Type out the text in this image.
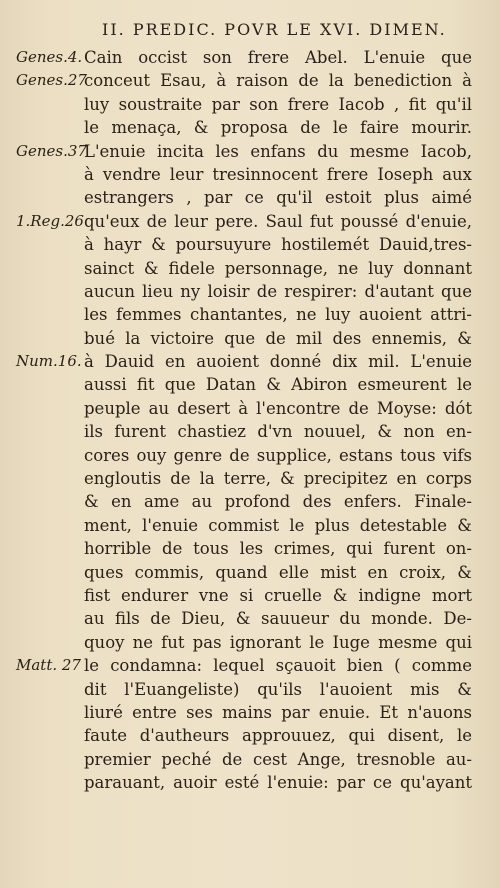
II. PREDIC. POVR LE XVI. DIMEN.
Genes.4. Cain occist son frere Abel. L'enuie que
Genes.27
conceut Esau, à raison de la benediction à
luy soustraite par son frere Iacob , fit qu'il
le menaça, & proposa de le faire mourir.
Genes.37
L'enuie incita les enfans du mesme Iacob,
à vendre leur tresinnocent frere Ioseph aux
estrangers , par ce qu'il estoit plus aimé
1.Reg.26 qu'eux de leur pere. Saul fut poussé d'enuie,
à hayr & poursuyure hostilemét Dauid,tres-
sainct & fidele personnage, ne luy donnant
aucun lieu ny loisir de respirer: d'autant que
les femmes chantantes, ne luy auoient attri-
bué la victoire que de mil des ennemis, &
Num.16. à Dauid en auoient donné dix mil. L'enuie
aussi fit que Datan & Abiron esmeurent le
peuple au desert à l'encontre de Moyse: dót
ils furent chastiez d'vn nouuel, & non en-
cores ouy genre de supplice, estans tous vifs
engloutis de la terre, & precipitez en corps
& en ame au profond des enfers. Finale-
ment, l'enuie commist le plus detestable &
horrible de tous les crimes, qui furent on-
ques commis, quand elle mist en croix, &
fist endurer vne si cruelle & indigne mort
au fils de Dieu, & sauueur du monde. De-
quoy ne fut pas ignorant le Iuge mesme qui
Matt. 27 le condamna: lequel sçauoit bien ( comme
dit l'Euangeliste) qu'ils l'auoient mis &
liuré entre ses mains par enuie. Et n'auons
faute d'autheurs approuuez, qui disent, le
premier peché de cest Ange, tresnoble au-
parauant, auoir esté l'enuie: par ce qu'ayant
